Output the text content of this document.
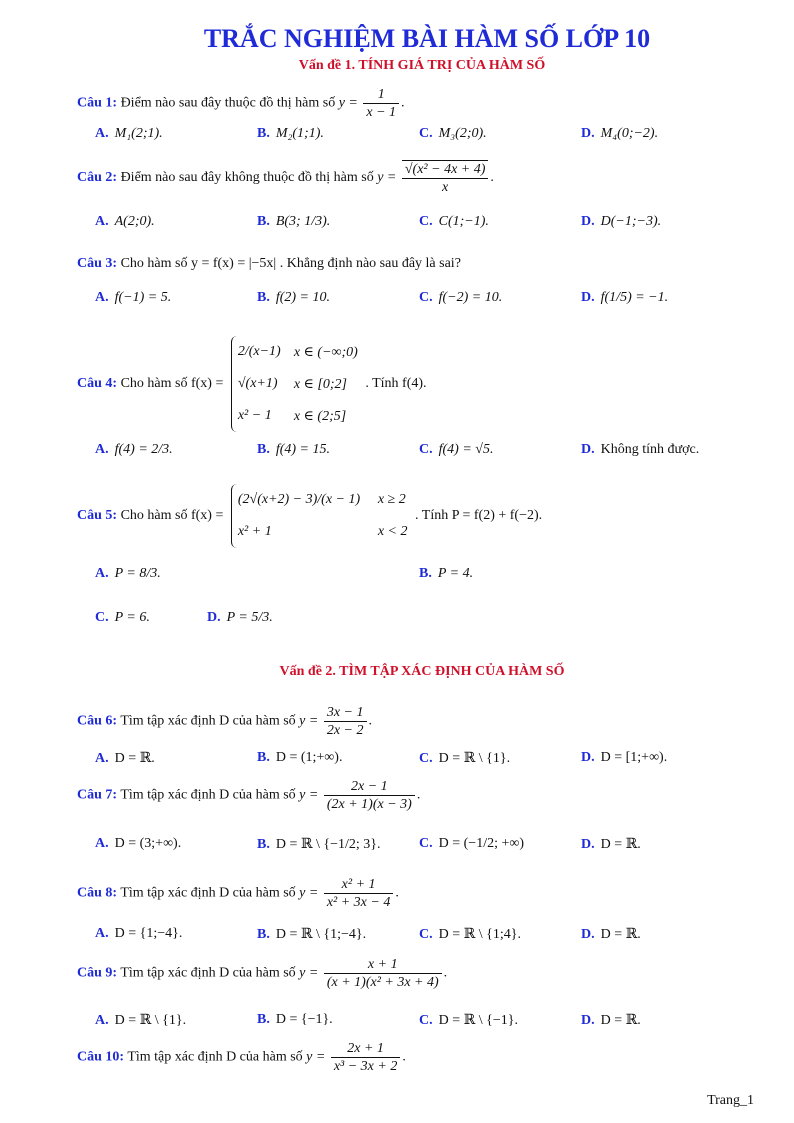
TRẮC NGHIỆM BÀI HÀM SỐ LỚP 10
Vấn đề 1. TÍNH GIÁ TRỊ CỦA HÀM SỐ
Câu 1: Điểm nào sau đây thuộc đồ thị hàm số $y = \frac{1}{x - 1}$ .
A. M₁(2;1).	B. M₂(1;1).	C. M₃(2;0).	D. M₄(0;−2).
Câu 2: Điểm nào sau đây không thuộc đồ thị hàm số $y = \frac{\text{√(x² − 4x + 4)}}{x}$ .
A. A(2;0).	B. B(3; 1/3).	C. C(1;−1).	D. D(−1;−3).
Câu 3: Cho hàm số y = f(x) = |−5x| . Khẳng định nào sau đây là sai?
A. f(−1) = 5.	B. f(2) = 10.	C. f(−2) = 10.	D. f(1/5) = −1.
Câu 4: Cho hàm số f(x) =
2/(x−1) x ∈ (−∞;0)
√(x+1)	x ∈ [0;2]
x² − 1	x ∈ (2;5]
. Tính f(4).
A. f(4) = 2/3.	B. f(4) = 15.	C. f(4) = √5.	D. Không tính được.
Câu 5: Cho hàm số f(x) =
(2√(x+2) − 3)/(x − 1)	x ≥ 2
x² + 1	x < 2
. Tính P = f(2) + f(−2).
A. P = 8/3.	B. P = 4.
C. P = 6.	D. P = 5/3.
Vấn đề 2. TÌM TẬP XÁC ĐỊNH CỦA HÀM SỐ
Câu 6: Tìm tập xác định D của hàm số $y = \frac{3x - 1}{2x - 2}$ .
A. D = ℝ.	B. D = (1;+∞).	C. D = ℝ \ {1}.	D. D = [1;+∞).
Câu 7: Tìm tập xác định D của hàm số $y = \frac{2x - 1}{(2x + 1)(x - 3)}$ .
A. D = (3;+∞).	B. D = ℝ \ {−1/2; 3}.	C. D = (−1/2; +∞)	D. D = ℝ.
Câu 8: Tìm tập xác định D của hàm số $y = \frac{\text{x² + 1}}{\text{x² + 3x − 4}}$ .
A. D = {1;−4}.	B. D = ℝ \ {1;−4}.	C. D = ℝ \ {1;4}.	D. D = ℝ.
Câu 9: Tìm tập xác định D của hàm số $y = \frac{x + 1}{\text{(x + 1)(x² + 3x + 4)}}$ .
A. D = ℝ \ {1}.	B. D = {−1}.	C. D = ℝ \ {−1}.	D. D = ℝ.
Câu 10: Tìm tập xác định D của hàm số $y = \frac{2x + 1}{\text{x³ − 3x + 2}}$ .
Trang_1
